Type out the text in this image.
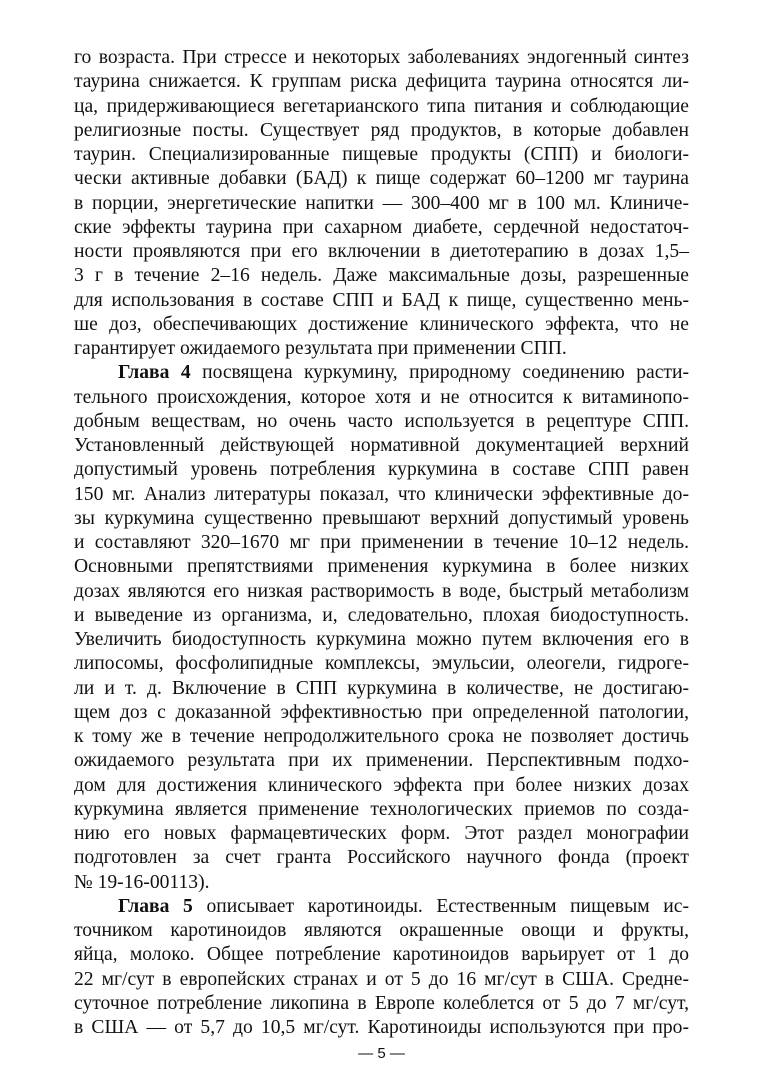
го возраста. При стрессе и некоторых заболеваниях эндогенный синтез
таурина снижается. К группам риска дефицита таурина относятся ли-
ца, придерживающиеся вегетарианского типа питания и соблюдающие
религиозные посты. Существует ряд продуктов, в которые добавлен
таурин. Специализированные пищевые продукты (СПП) и биологи-
чески активные добавки (БАД) к пище содержат 60–1200 мг таурина
в порции, энергетические напитки — 300–400 мг в 100 мл. Клиниче-
ские эффекты таурина при сахарном диабете, сердечной недостаточ-
ности проявляются при его включении в диетотерапию в дозах 1,5–
3 г в течение 2–16 недель. Даже максимальные дозы, разрешенные
для использования в составе СПП и БАД к пище, существенно мень-
ше доз, обеспечивающих достижение клинического эффекта, что не
гарантирует ожидаемого результата при применении СПП.
Глава 4 посвящена куркумину, природному соединению расти-
тельного происхождения, которое хотя и не относится к витаминопо-
добным веществам, но очень часто используется в рецептуре СПП.
Установленный действующей нормативной документацией верхний
допустимый уровень потребления куркумина в составе СПП равен
150 мг. Анализ литературы показал, что клинически эффективные до-
зы куркумина существенно превышают верхний допустимый уровень
и составляют 320–1670 мг при применении в течение 10–12 недель.
Основными препятствиями применения куркумина в более низких
дозах являются его низкая растворимость в воде, быстрый метаболизм
и выведение из организма, и, следовательно, плохая биодоступность.
Увеличить биодоступность куркумина можно путем включения его в
липосомы, фосфолипидные комплексы, эмульсии, олеогели, гидроге-
ли и т. д. Включение в СПП куркумина в количестве, не достигаю-
щем доз с доказанной эффективностью при определенной патологии,
к тому же в течение непродолжительного срока не позволяет достичь
ожидаемого результата при их применении. Перспективным подхо-
дом для достижения клинического эффекта при более низких дозах
куркумина является применение технологических приемов по созда-
нию его новых фармацевтических форм. Этот раздел монографии
подготовлен за счет гранта Российского научного фонда (проект
№ 19-16-00113).
Глава 5 описывает каротиноиды. Естественным пищевым ис-
точником каротиноидов являются окрашенные овощи и фрукты,
яйца, молоко. Общее потребление каротиноидов варьирует от 1 до
22 мг/сут в европейских странах и от 5 до 16 мг/сут в США. Средне-
суточное потребление ликопина в Европе колеблется от 5 до 7 мг/сут,
в США — от 5,7 до 10,5 мг/сут. Каротиноиды используются при про-
— 5 —
